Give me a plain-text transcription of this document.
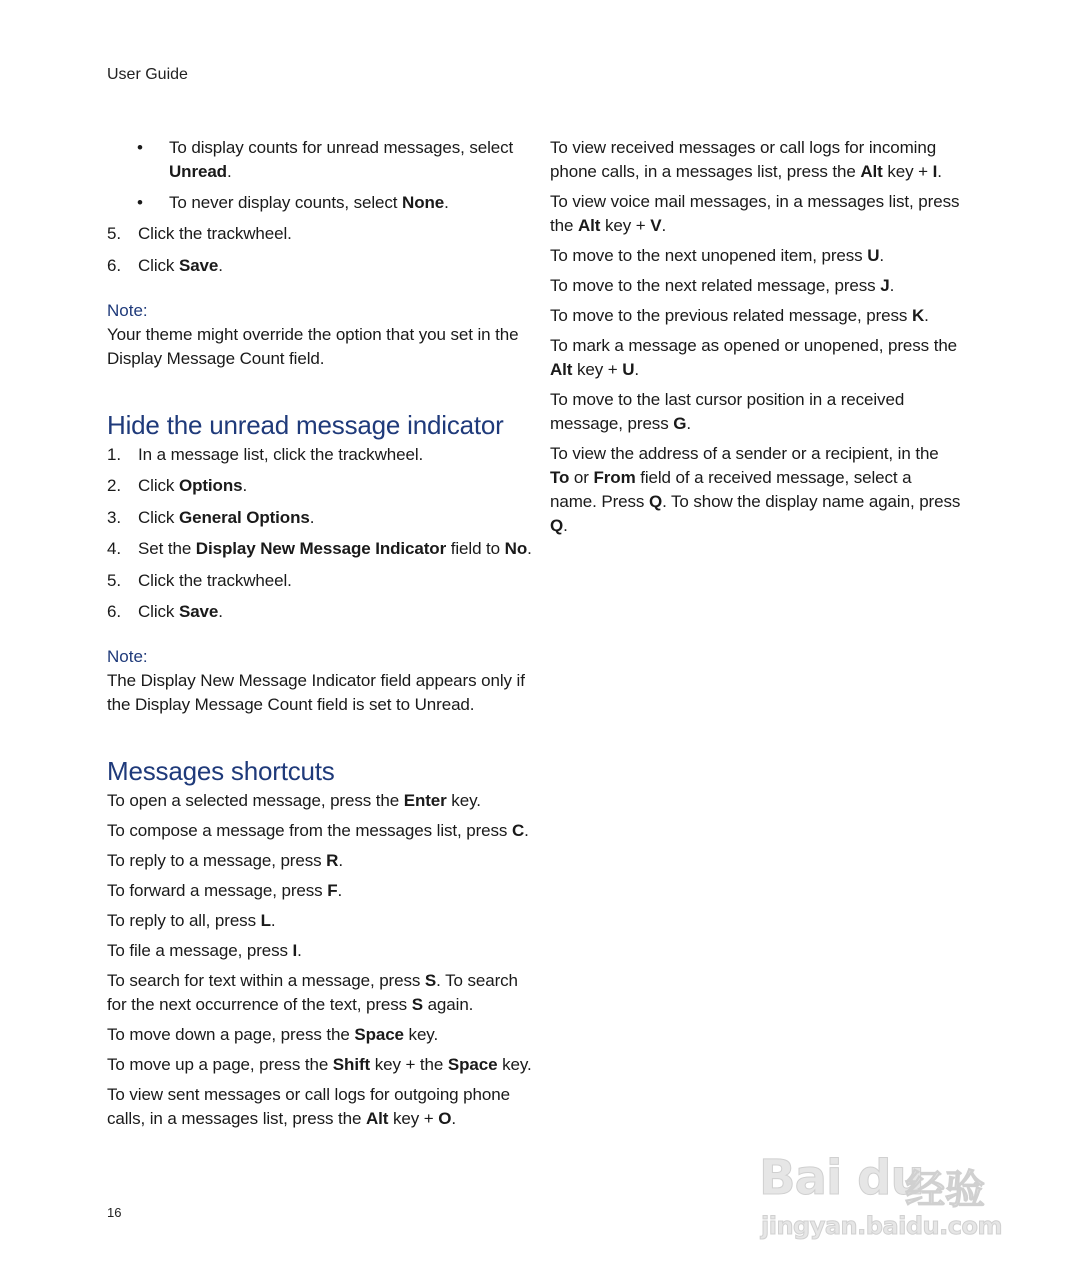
User Guide
• To display counts for unread messages, select Unread.
• To never display counts, select None.
5. Click the trackwheel.
6. Click Save.
Note:

Your theme might override the option that you set in the Display Message Count field.

Hide the unread message indicator
1. In a message list, click the trackwheel.
2. Click Options.
3. Click General Options.
4. Set the Display New Message Indicator field to No.
5. Click the trackwheel.
6. Click Save.
Note:

The Display New Message Indicator field appears only if the Display Message Count field is set to Unread.

Messages shortcuts

To open a selected message, press the Enter key.

To compose a message from the messages list, press C.

To reply to a message, press R.

To forward a message, press F.

To reply to all, press L.

To file a message, press I.

To search for text within a message, press S. To search for the next occurrence of the text, press S again.

To move down a page, press the Space key.

To move up a page, press the Shift key + the Space key.

To view sent messages or call logs for outgoing phone calls, in a messages list, press the Alt key + O.

To view received messages or call logs for incoming phone calls, in a messages list, press the Alt key + I.

To view voice mail messages, in a messages list, press the Alt key + V.

To move to the next unopened item, press U.

To move to the next related message, press J.

To move to the previous related message, press K.

To mark a message as opened or unopened, press the Alt key + U.

To move to the last cursor position in a received message, press G.

To view the address of a sender or a recipient, in the To or From field of a received message, select a name. Press Q. To show the display name again, press Q.

16
Bai du
经验
jingyan.baidu.com
